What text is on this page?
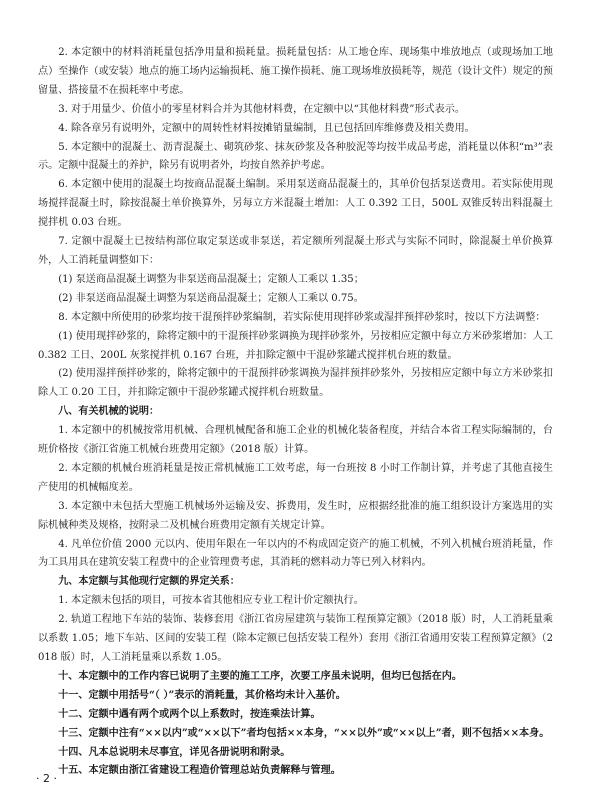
2. 本定额中的材料消耗量包括净用量和损耗量。损耗量包括：从工地仓库、现场集中堆放地点（或现场加工地点）至操作（或安装）地点的施工场内运输损耗、施工操作损耗、施工现场堆放损耗等，规范（设计文件）规定的预留量、搭接量不在损耗率中考虑。

3. 对于用量少、价值小的零星材料合并为其他材料费，在定额中以“其他材料费”形式表示。

4. 除各章另有说明外，定额中的周转性材料按摊销量编制，且已包括回库维修费及相关费用。

5. 本定额中的混凝土、沥青混凝土、砌筑砂浆、抹灰砂浆及各种胶泥等均按半成品考虑，消耗量以体积“m³”表示。定额中混凝土的养护，除另有说明者外，均按自然养护考虑。

6. 本定额中使用的混凝土均按商品混凝土编制。采用泵送商品混凝土的，其单价包括泵送费用。若实际使用现场搅拌混凝土时，除按混凝土单价换算外，另每立方米混凝土增加：人工 0.392 工日，500L 双锥反转出料混凝土搅拌机 0.03 台班。

7. 定额中混凝土已按结构部位取定泵送或非泵送，若定额所列混凝土形式与实际不同时，除混凝土单价换算外，人工消耗量调整如下：

(1) 泵送商品混凝土调整为非泵送商品混凝土；定额人工乘以 1.35；

(2) 非泵送商品混凝土调整为泵送商品混凝土；定额人工乘以 0.75。

8. 本定额中所使用的砂浆均按干混预拌砂浆编制，若实际使用现拌砂浆或湿拌预拌砂浆时，按以下方法调整：

(1) 使用现拌砂浆的，除将定额中的干混预拌砂浆调换为现拌砂浆外，另按相应定额中每立方米砂浆增加：人工 0.382 工日、200L 灰浆搅拌机 0.167 台班，并扣除定额中干混砂浆罐式搅拌机台班的数量。

(2) 使用湿拌预拌砂浆的，除将定额中的干混预拌砂浆调换为湿拌预拌砂浆外，另按相应定额中每立方米砂浆扣除人工 0.20 工日，并扣除定额中干混砂浆罐式搅拌机台班数量。

八、有关机械的说明：

1. 本定额中的机械按常用机械、合理机械配备和施工企业的机械化装备程度，并结合本省工程实际编制的，台班价格按《浙江省施工机械台班费用定额》（2018 版）计算。

2. 本定额的机械台班消耗量是按正常机械施工工效考虑，每一台班按 8 小时工作制计算，并考虑了其他直接生产使用的机械幅度差。

3. 本定额中未包括大型施工机械场外运输及安、拆费用，发生时，应根据经批准的施工组织设计方案选用的实际机械种类及规格，按附录二及机械台班费用定额有关规定计算。

4. 凡单位价值 2000 元以内、使用年限在一年以内的不构成固定资产的施工机械，不列入机械台班消耗量，作为工具用具在建筑安装工程费中的企业管理费考虑，其消耗的燃料动力等已列入材料内。

九、本定额与其他现行定额的界定关系：

1. 本定额未包括的项目，可按本省其他相应专业工程计价定额执行。

2. 轨道工程地下车站的装饰、装修套用《浙江省房屋建筑与装饰工程预算定额》（2018 版）时，人工消耗量乘以系数 1.05；地下车站、区间的安装工程（除本定额已包括安装工程外）套用《浙江省通用安装工程预算定额》（2018 版）时，人工消耗量乘以系数 1.05。

十、本定额中的工作内容已说明了主要的施工工序，次要工序虽未说明，但均已包括在内。

十一、定额中用括号“（ ）”表示的消耗量，其价格均未计入基价。

十二、定额中遇有两个或两个以上系数时，按连乘法计算。

十三、定额中注有“××以内”或“××以下”者均包括××本身，“××以外”或“××以上”者，则不包括××本身。

十四、凡本总说明未尽事宜，详见各册说明和附录。

十五、本定额由浙江省建设工程造价管理总站负责解释与管理。

· 2 ·
